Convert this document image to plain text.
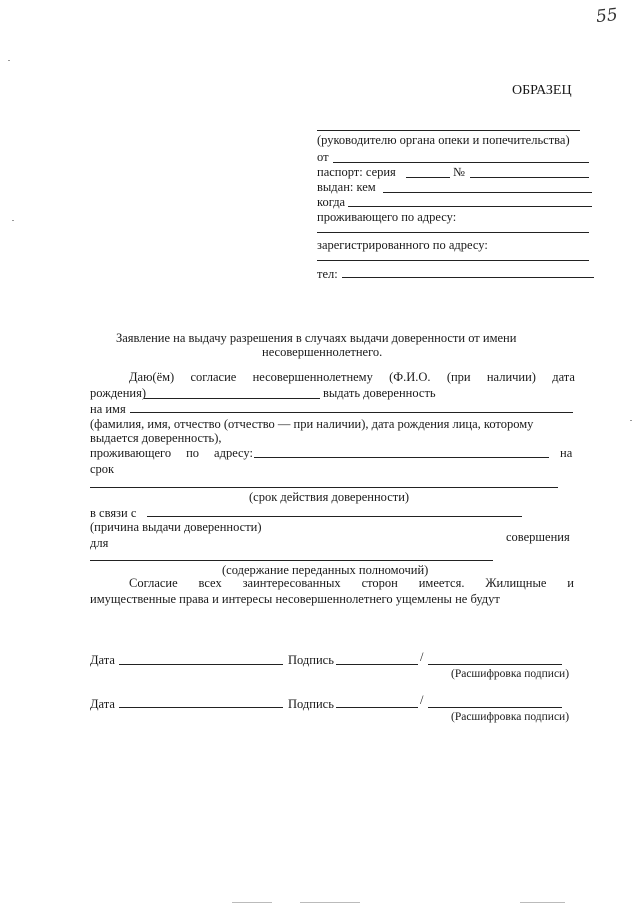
55
ОБРАЗЕЦ
(руководителю органа опеки и попечительства)
от
паспорт: серия	№
выдан: кем
когда
проживающего по адресу:
зарегистрированного по адресу:
тел:
Заявление на выдачу разрешения в случаях выдачи доверенности от имени
несовершеннолетнего.
Даю(ём) согласие несовершеннолетнему (Ф.И.О. (при наличии) дата
рождения)	выдать доверенность
на имя
(фамилия, имя, отчество (отчество — при наличии), дата рождения лица, которому
выдается доверенность),
проживающего по адресу:	на
срок
(срок действия доверенности)
в связи с
(причина выдачи доверенности)
для	совершения
(содержание переданных полномочий)
Согласие всех заинтересованных сторон имеется. Жилищные и
имущественные права и интересы несовершеннолетнего ущемлены не будут
Дата	Подпись	/
(Расшифровка подписи)
Дата	Подпись	/
(Расшифровка подписи)
